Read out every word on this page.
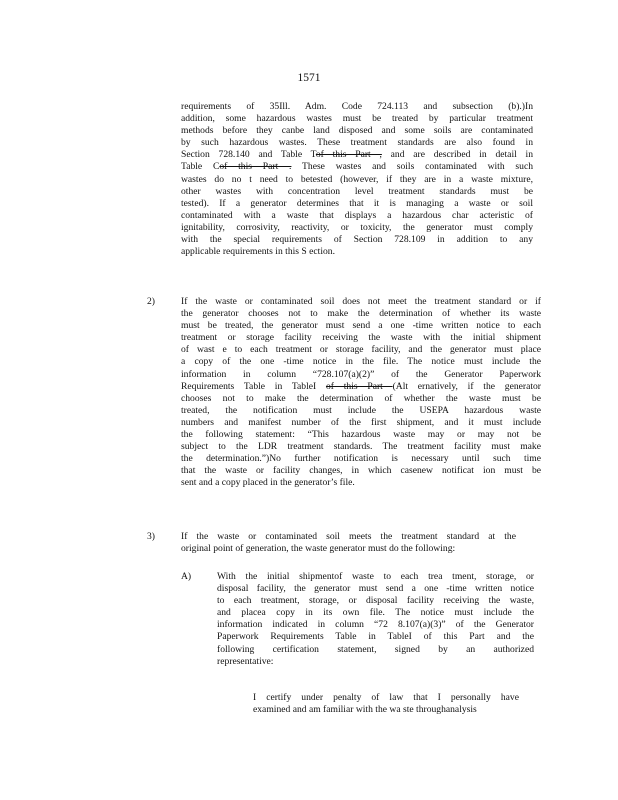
1571
requirements of 35Ill. Adm. Code 724.113 and subsection (b).)In
addition, some hazardous wastes must be treated by particular treatment
methods before they canbe land disposed and some soils are contaminated
by such hazardous wastes. These treatment standards are also found in
Section 728.140 and Table Tof this Part , and are described in detail in
Table Cof this Part . These wastes and soils contaminated with such
wastes do no t need to betested (however, if they are in a waste mixture,
other wastes with concentration level treatment standards must be
tested). If a generator determines that it is managing a waste or soil
contaminated with a waste that displays a hazardous char acteristic of
ignitability, corrosivity, reactivity, or toxicity, the generator must comply
with the special requirements of Section 728.109 in addition to any
applicable requirements in this S ection.
2)	If the waste or contaminated soil does not meet the treatment standard or if
the generator chooses not to make the determination of whether its waste
must be treated, the generator must send a one -time written notice to each
treatment or storage facility receiving the waste with the initial shipment
of wast e to each treatment or storage facility, and the generator must place
a copy of the one -time notice in the file. The notice must include the
information in column “728.107(a)(2)” of the Generator Paperwork
Requirements Table in TableI of this Part (Alt ernatively, if the generator
chooses not to make the determination of whether the waste must be
treated, the notification must include the USEPA hazardous waste
numbers and manifest number of the first shipment, and it must include
the following statement: “This hazardous waste may or may not be
subject to the LDR treatment standards. The treatment facility must make
the determination.”)No further notification is necessary until such time
that the waste or facility changes, in which casenew notificat ion must be
sent and a copy placed in the generator’s file.
3)	If the waste or contaminated soil meets the treatment standard at the
original point of generation, the waste generator must do the following:
A)	With the initial shipmentof waste to each trea tment, storage, or
disposal facility, the generator must send a one -time written notice
to each treatment, storage, or disposal facility receiving the waste,
and placea copy in its own file. The notice must include the
information indicated in column “72 8.107(a)(3)” of the Generator
Paperwork Requirements Table in TableI of this Part and the
following certification statement, signed by an authorized
representative:
I certify under penalty of law that I personally have
examined and am familiar with the wa ste throughanalysis
